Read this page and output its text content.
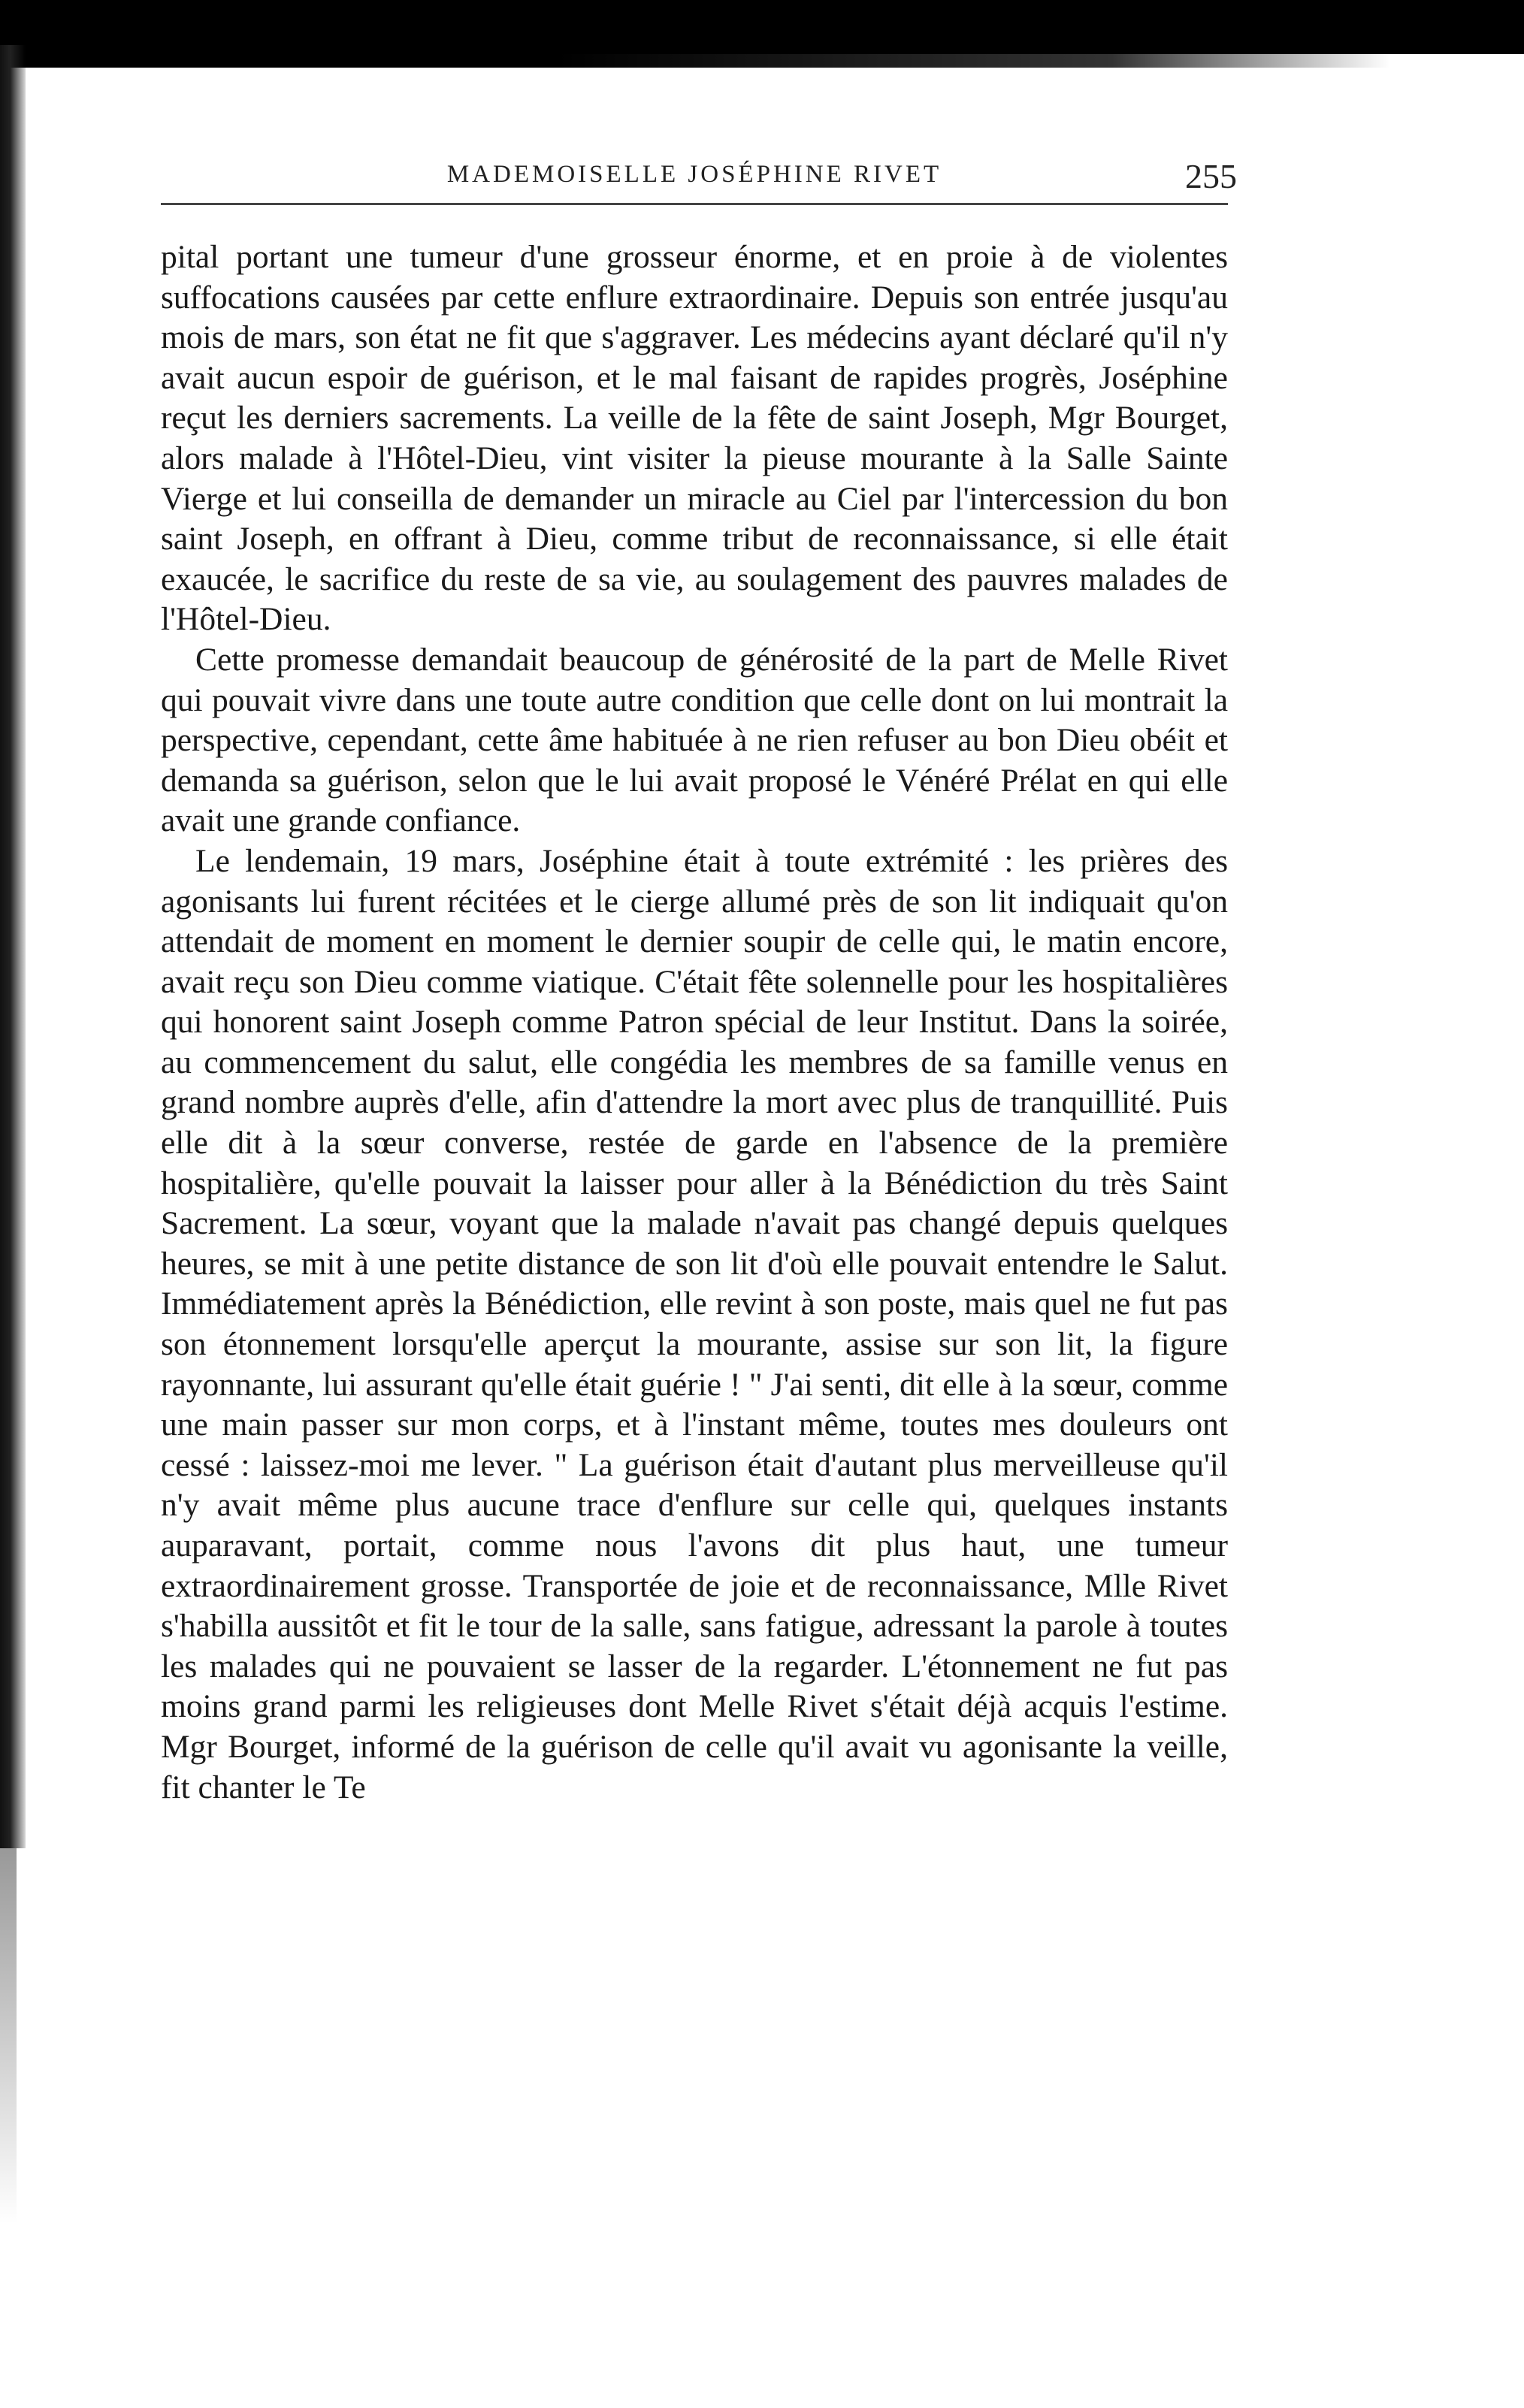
MADEMOISELLE JOSÉPHINE RIVET	255

pital portant une tumeur d'une grosseur énorme, et en proie à de violentes suffocations causées par cette enflure extraordinaire. Depuis son entrée jusqu'au mois de mars, son état ne fit que s'aggraver. Les médecins ayant déclaré qu'il n'y avait aucun espoir de guérison, et le mal faisant de rapides progrès, Joséphine reçut les derniers sacrements. La veille de la fête de saint Joseph, Mgr Bourget, alors malade à l'Hôtel-Dieu, vint visiter la pieuse mourante à la Salle Sainte Vierge et lui conseilla de demander un miracle au Ciel par l'intercession du bon saint Joseph, en offrant à Dieu, comme tribut de reconnaissance, si elle était exaucée, le sacrifice du reste de sa vie, au soulagement des pauvres malades de l'Hôtel-Dieu.

Cette promesse demandait beaucoup de générosité de la part de Melle Rivet qui pouvait vivre dans une toute autre condition que celle dont on lui montrait la perspective, cependant, cette âme habituée à ne rien refuser au bon Dieu obéit et demanda sa guérison, selon que le lui avait proposé le Vénéré Prélat en qui elle avait une grande confiance.

Le lendemain, 19 mars, Joséphine était à toute extrémité : les prières des agonisants lui furent récitées et le cierge allumé près de son lit indiquait qu'on attendait de moment en moment le dernier soupir de celle qui, le matin encore, avait reçu son Dieu comme viatique. C'était fête solennelle pour les hospitalières qui honorent saint Joseph comme Patron spécial de leur Institut. Dans la soirée, au commencement du salut, elle congédia les membres de sa famille venus en grand nombre auprès d'elle, afin d'attendre la mort avec plus de tranquillité. Puis elle dit à la sœur converse, restée de garde en l'absence de la première hospitalière, qu'elle pouvait la laisser pour aller à la Bénédiction du très Saint Sacrement. La sœur, voyant que la malade n'avait pas changé depuis quelques heures, se mit à une petite distance de son lit d'où elle pouvait entendre le Salut. Immédiatement après la Bénédiction, elle revint à son poste, mais quel ne fut pas son étonnement lorsqu'elle aperçut la mourante, assise sur son lit, la figure rayonnante, lui assurant qu'elle était guérie ! " J'ai senti, dit elle à la sœur, comme une main passer sur mon corps, et à l'instant même, toutes mes douleurs ont cessé : laissez-moi me lever. " La guérison était d'autant plus merveilleuse qu'il n'y avait même plus aucune trace d'enflure sur celle qui, quelques instants auparavant, portait, comme nous l'avons dit plus haut, une tumeur extraordinairement grosse. Transportée de joie et de reconnaissance, Mlle Rivet s'habilla aussitôt et fit le tour de la salle, sans fatigue, adressant la parole à toutes les malades qui ne pouvaient se lasser de la regarder. L'étonnement ne fut pas moins grand parmi les religieuses dont Melle Rivet s'était déjà acquis l'estime. Mgr Bourget, informé de la guérison de celle qu'il avait vu agonisante la veille, fit chanter le Te
